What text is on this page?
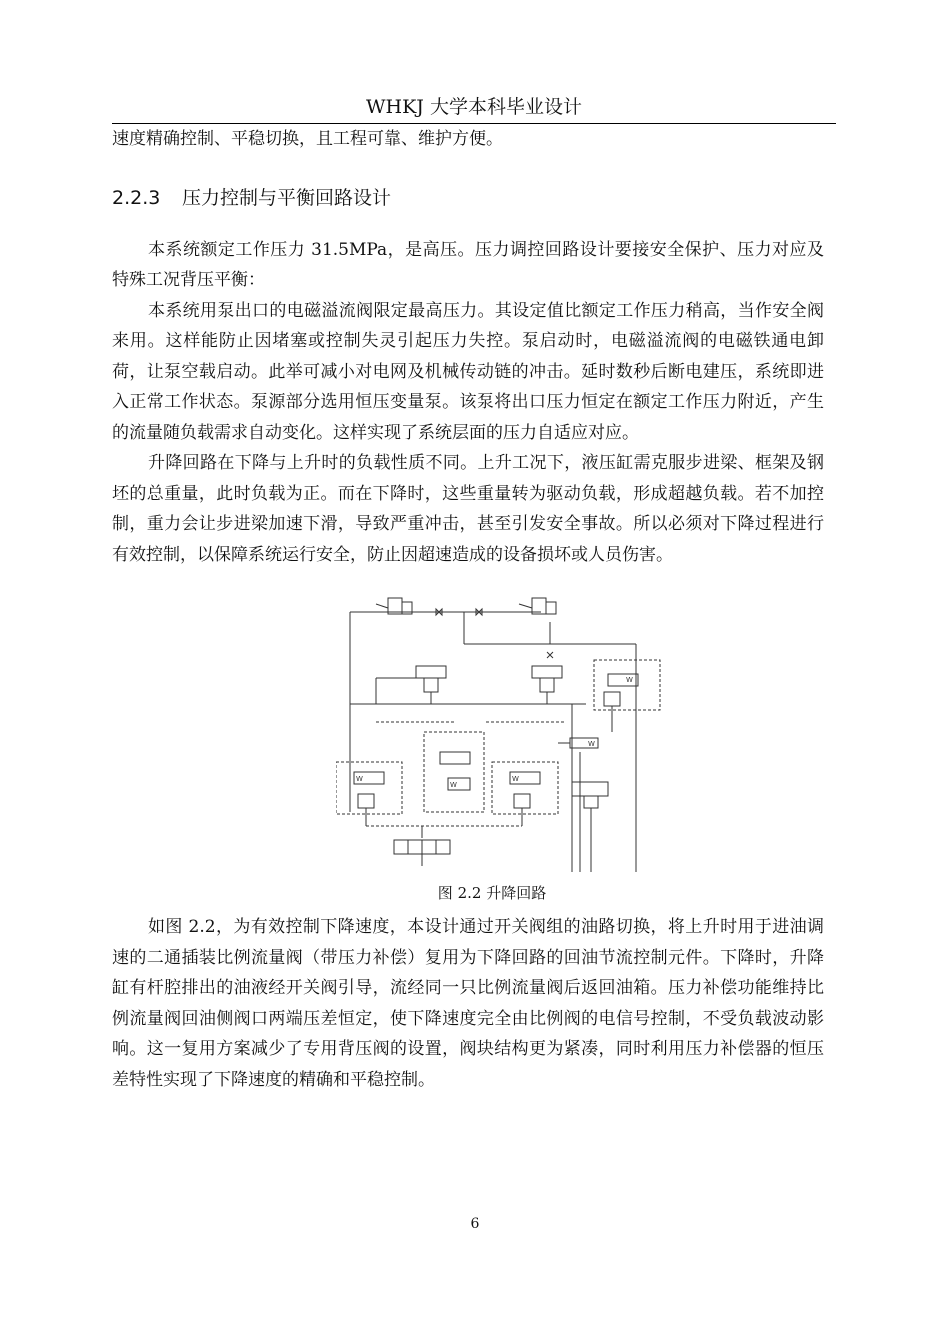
WHKJ 大学本科毕业设计

速度精确控制、平稳切换，且工程可靠、维护方便。

2.2.3 压力控制与平衡回路设计

本系统额定工作压力 31.5MPa，是高压。压力调控回路设计要接安全保护、压力对应及特殊工况背压平衡：

本系统用泵出口的电磁溢流阀限定最高压力。其设定值比额定工作压力稍高，当作安全阀来用。这样能防止因堵塞或控制失灵引起压力失控。泵启动时，电磁溢流阀的电磁铁通电卸荷，让泵空载启动。此举可减小对电网及机械传动链的冲击。延时数秒后断电建压，系统即进入正常工作状态。泵源部分选用恒压变量泵。该泵将出口压力恒定在额定工作压力附近，产生的流量随负载需求自动变化。这样实现了系统层面的压力自适应对应。

升降回路在下降与上升时的负载性质不同。上升工况下，液压缸需克服步进梁、框架及钢坯的总重量，此时负载为正。而在下降时，这些重量转为驱动负载，形成超越负载。若不加控制，重力会让步进梁加速下滑，导致严重冲击，甚至引发安全事故。所以必须对下降过程进行有效控制，以保障系统运行安全，防止因超速造成的设备损坏或人员伤害。

W	W
W
W
W
图 2.2 升降回路

如图 2.2，为有效控制下降速度，本设计通过开关阀组的油路切换，将上升时用于进油调速的二通插装比例流量阀（带压力补偿）复用为下降回路的回油节流控制元件。下降时，升降缸有杆腔排出的油液经开关阀引导，流经同一只比例流量阀后返回油箱。压力补偿功能维持比例流量阀回油侧阀口两端压差恒定，使下降速度完全由比例阀的电信号控制，不受负载波动影响。这一复用方案减少了专用背压阀的设置，阀块结构更为紧凑，同时利用压力补偿器的恒压差特性实现了下降速度的精确和平稳控制。

6
